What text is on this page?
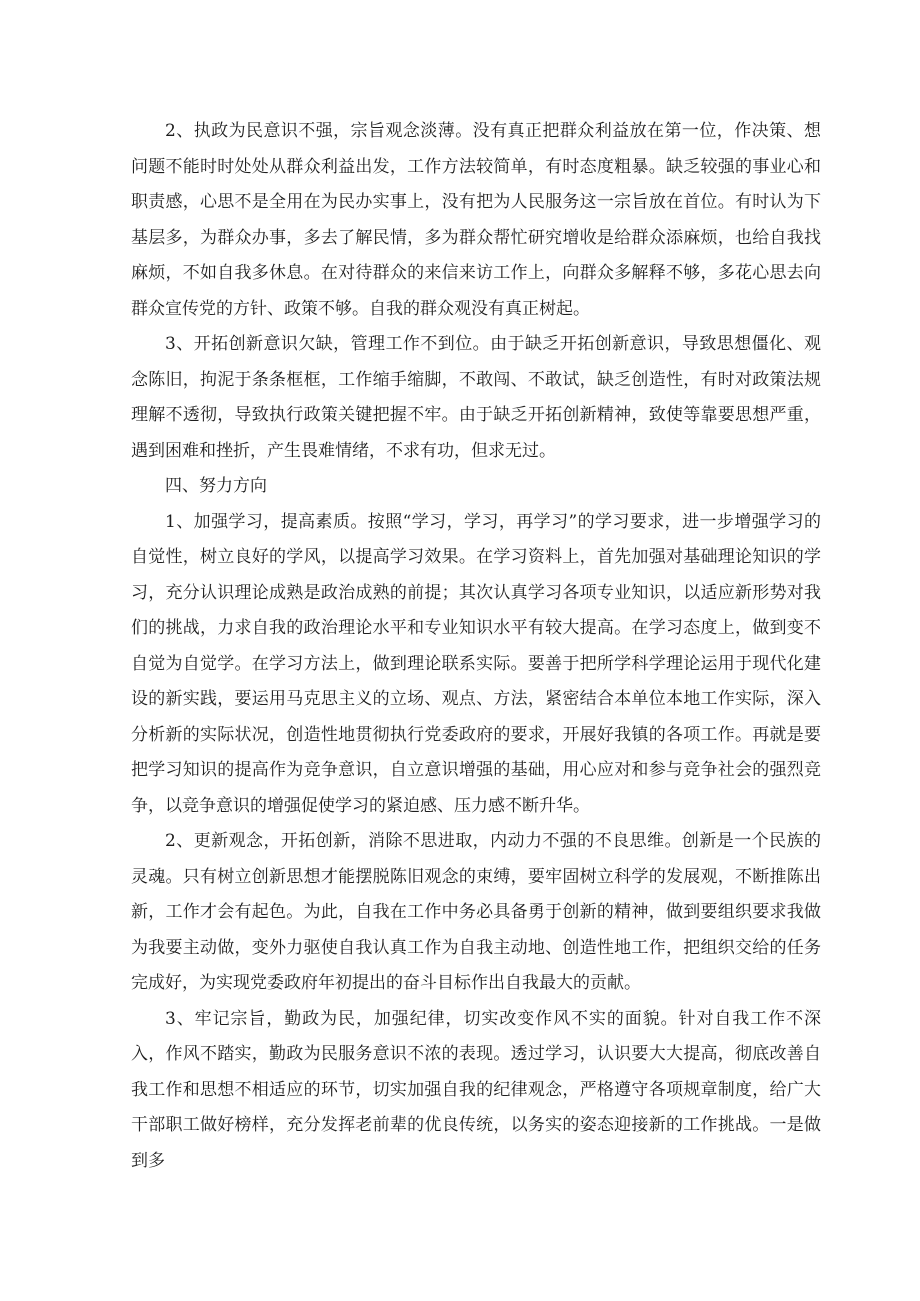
2、执政为民意识不强，宗旨观念淡薄。没有真正把群众利益放在第一位，作决策、想问题不能时时处处从群众利益出发，工作方法较简单，有时态度粗暴。缺乏较强的事业心和职责感，心思不是全用在为民办实事上，没有把为人民服务这一宗旨放在首位。有时认为下基层多，为群众办事，多去了解民情，多为群众帮忙研究增收是给群众添麻烦，也给自我找麻烦，不如自我多休息。在对待群众的来信来访工作上，向群众多解释不够，多花心思去向群众宣传党的方针、政策不够。自我的群众观没有真正树起。

3、开拓创新意识欠缺，管理工作不到位。由于缺乏开拓创新意识，导致思想僵化、观念陈旧，拘泥于条条框框，工作缩手缩脚，不敢闯、不敢试，缺乏创造性，有时对政策法规理解不透彻，导致执行政策关键把握不牢。由于缺乏开拓创新精神，致使等靠要思想严重，遇到困难和挫折，产生畏难情绪，不求有功，但求无过。

四、努力方向

1、加强学习，提高素质。按照“学习，学习，再学习”的学习要求，进一步增强学习的自觉性，树立良好的学风，以提高学习效果。在学习资料上，首先加强对基础理论知识的学习，充分认识理论成熟是政治成熟的前提；其次认真学习各项专业知识，以适应新形势对我们的挑战，力求自我的政治理论水平和专业知识水平有较大提高。在学习态度上，做到变不自觉为自觉学。在学习方法上，做到理论联系实际。要善于把所学科学理论运用于现代化建设的新实践，要运用马克思主义的立场、观点、方法，紧密结合本单位本地工作实际，深入分析新的实际状况，创造性地贯彻执行党委政府的要求，开展好我镇的各项工作。再就是要把学习知识的提高作为竞争意识，自立意识增强的基础，用心应对和参与竞争社会的强烈竞争，以竞争意识的增强促使学习的紧迫感、压力感不断升华。

2、更新观念，开拓创新，消除不思进取，内动力不强的不良思维。创新是一个民族的灵魂。只有树立创新思想才能摆脱陈旧观念的束缚，要牢固树立科学的发展观，不断推陈出新，工作才会有起色。为此，自我在工作中务必具备勇于创新的精神，做到要组织要求我做为我要主动做，变外力驱使自我认真工作为自我主动地、创造性地工作，把组织交给的任务完成好，为实现党委政府年初提出的奋斗目标作出自我最大的贡献。

3、牢记宗旨，勤政为民，加强纪律，切实改变作风不实的面貌。针对自我工作不深入，作风不踏实，勤政为民服务意识不浓的表现。透过学习，认识要大大提高，彻底改善自我工作和思想不相适应的环节，切实加强自我的纪律观念，严格遵守各项规章制度，给广大干部职工做好榜样，充分发挥老前辈的优良传统，以务实的姿态迎接新的工作挑战。一是做到多
